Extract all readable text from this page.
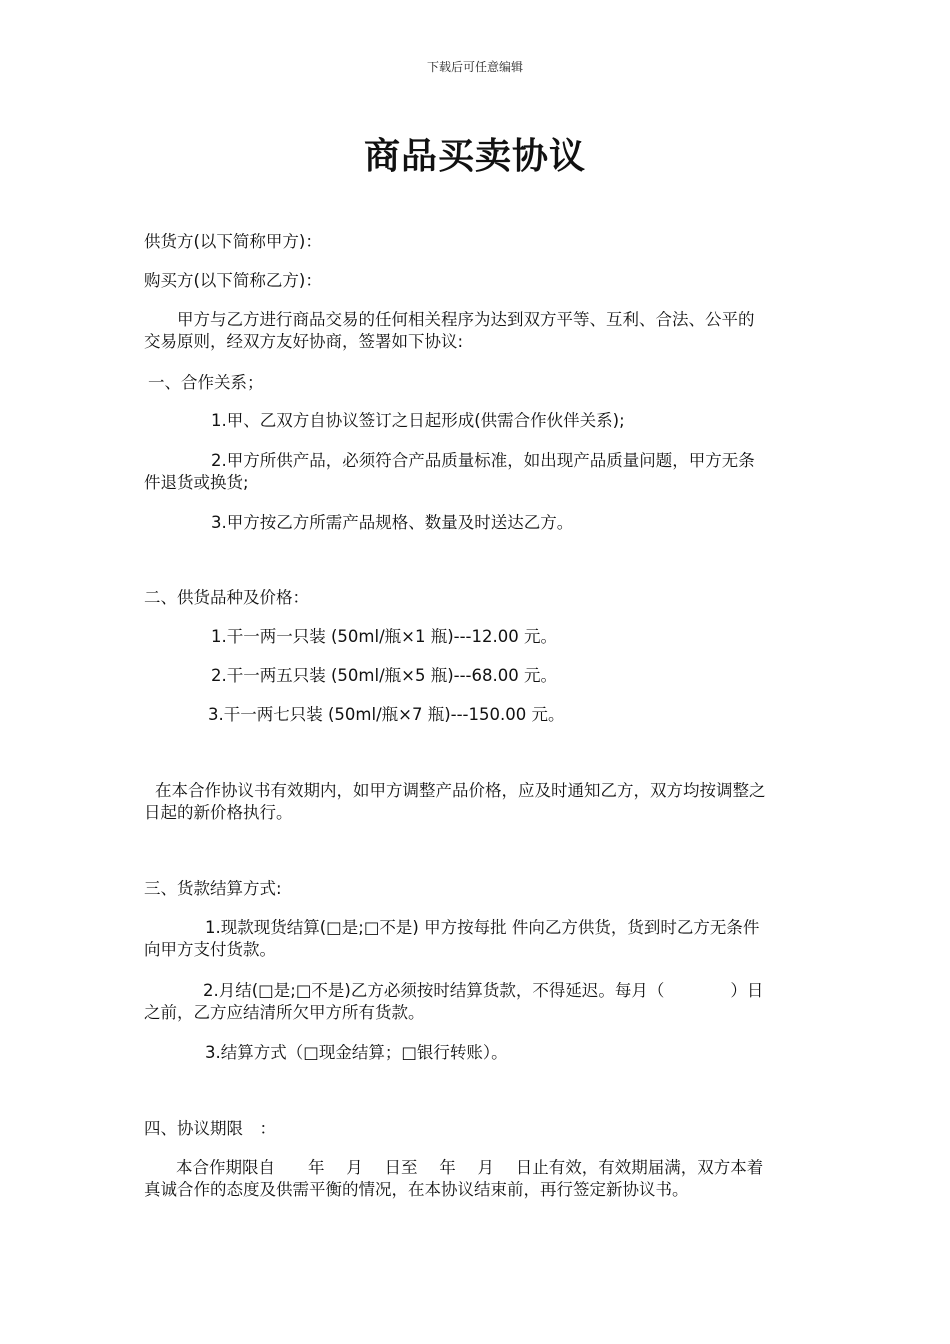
下载后可任意编辑
商品买卖协议
供货方(以下简称甲方)：
购买方(以下简称乙方)：
甲方与乙方进行商品交易的任何相关程序为达到双方平等、互利、合法、公平的
交易原则，经双方友好协商，签署如下协议:
一、合作关系；
1.甲、乙双方自协议签订之日起形成(供需合作伙伴关系);
2.甲方所供产品，必须符合产品质量标准，如出现产品质量问题，甲方无条
件退货或换货;
3.甲方按乙方所需产品规格、数量及时送达乙方。
二、供货品种及价格：
1.干一两一只装 (50ml/瓶×1 瓶)---12.00 元。
2.干一两五只装 (50ml/瓶×5 瓶)---68.00 元。
3.干一两七只装 (50ml/瓶×7 瓶)---150.00 元。
在本合作协议书有效期内，如甲方调整产品价格，应及时通知乙方，双方均按调整之
日起的新价格执行。
三、货款结算方式:
1.现款现货结算(□是;□不是) 甲方按每批 件向乙方供货，货到时乙方无条件
向甲方支付货款。
2.月结(□是;□不是)乙方必须按时结算货款，不得延迟。每月（　　　　）日
之前，乙方应结清所欠甲方所有货款。
3.结算方式（□现金结算；□银行转账）。
四、协议期限　：
本合作期限自　　年　 月　 日至　 年　 月　 日止有效，有效期届满，双方本着
真诚合作的态度及供需平衡的情况，在本协议结束前，再行签定新协议书。
